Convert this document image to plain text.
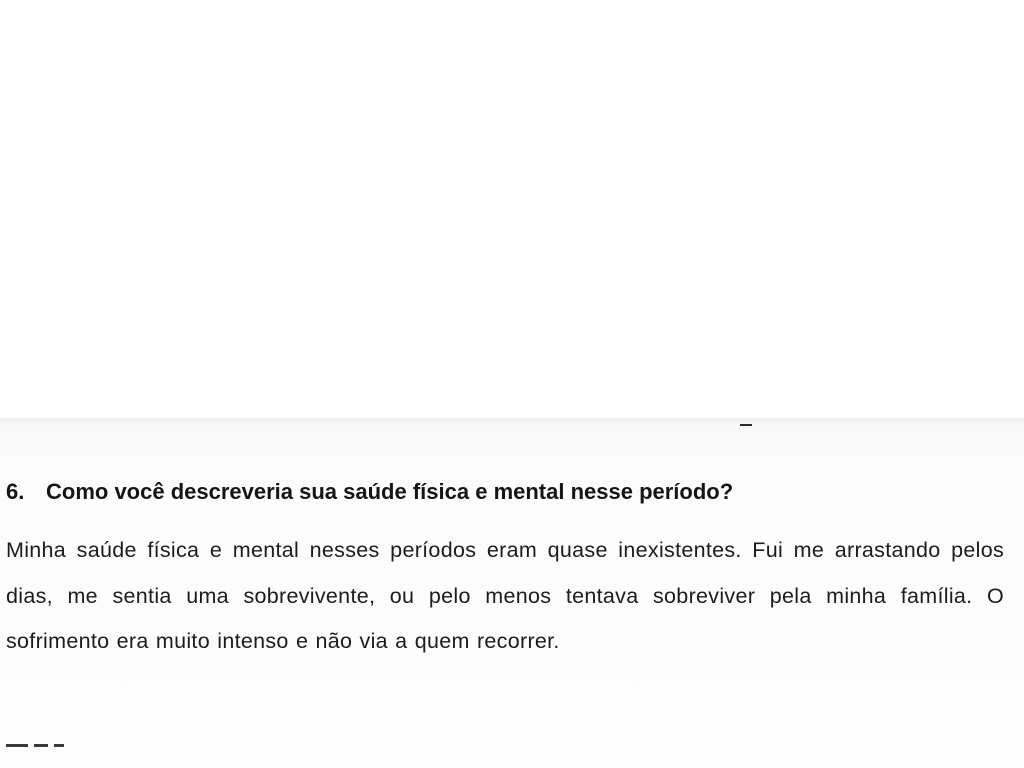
6. Como você descreveria sua saúde física e mental nesse período?
Minha saúde física e mental nesses períodos eram quase inexistentes. Fui me arrastando pelos dias, me sentia uma sobrevivente, ou pelo menos tentava sobreviver pela minha família. O sofrimento era muito intenso e não via a quem recorrer.
